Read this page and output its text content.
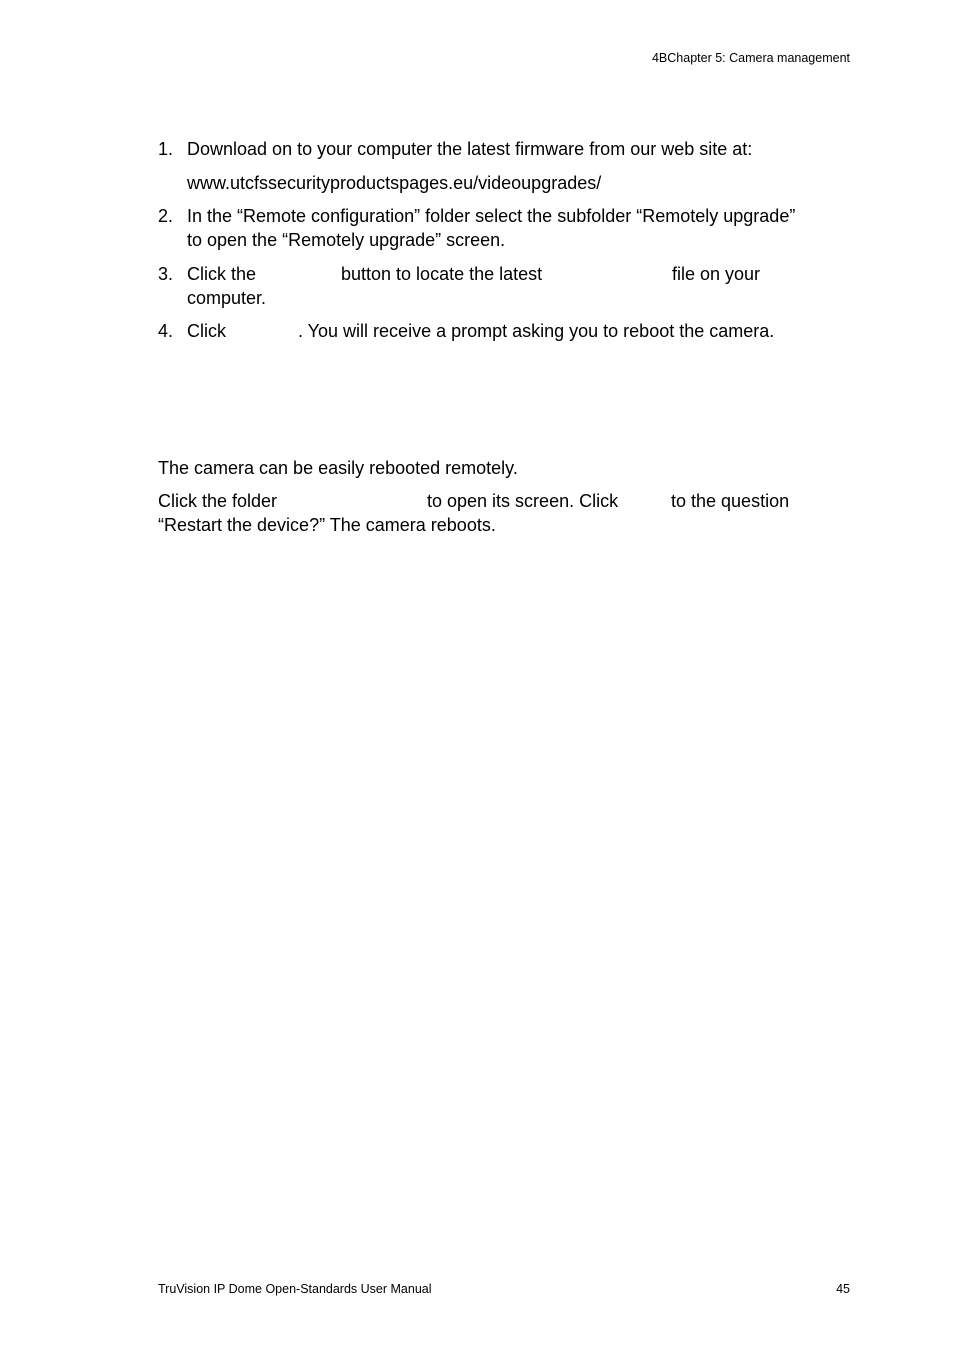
4BChapter 5: Camera management
1. Download on to your computer the latest firmware from our web site at:
www.utcfssecurityproductspages.eu/videoupgrades/
2. In the “Remote configuration” folder select the subfolder “Remotely upgrade”
to open the “Remotely upgrade” screen.
3. Click the	button to locate the latest	file on your
computer.
4. Click	. You will receive a prompt asking you to reboot the camera.
The camera can be easily rebooted remotely.
Click the folder	to open its screen. Click	to the question
“Restart the device?” The camera reboots.
TruVision IP Dome Open-Standards User Manual	45
